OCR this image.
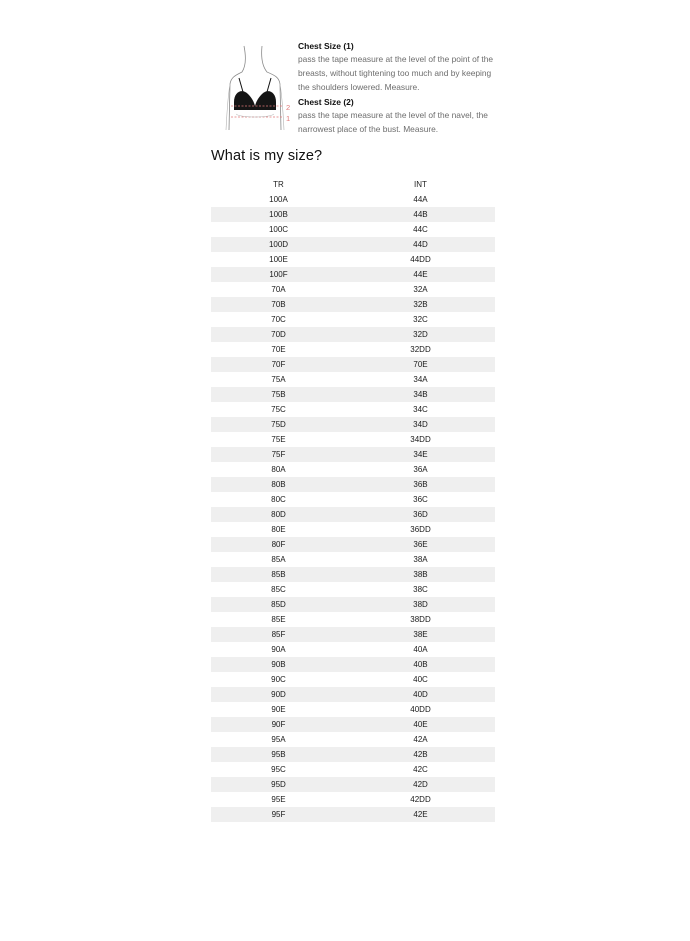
2
1
Chest Size (1)

pass the tape measure at the level of the point of the breasts, without tightening too much and by keeping the shoulders lowered. Measure.

Chest Size (2)

pass the tape measure at the level of the navel, the narrowest place of the bust. Measure.

What is my size?
TR	INT
100A	44A
100B	44B
100C	44C
100D	44D
100E	44DD
100F	44E
70A	32A
70B	32B
70C	32C
70D	32D
70E	32DD
70F	70E
75A	34A
75B	34B
75C	34C
75D	34D
75E	34DD
75F	34E
80A	36A
80B	36B
80C	36C
80D	36D
80E	36DD
80F	36E
85A	38A
85B	38B
85C	38C
85D	38D
85E	38DD
85F	38E
90A	40A
90B	40B
90C	40C
90D	40D
90E	40DD
90F	40E
95A	42A
95B	42B
95C	42C
95D	42D
95E	42DD
95F	42E
